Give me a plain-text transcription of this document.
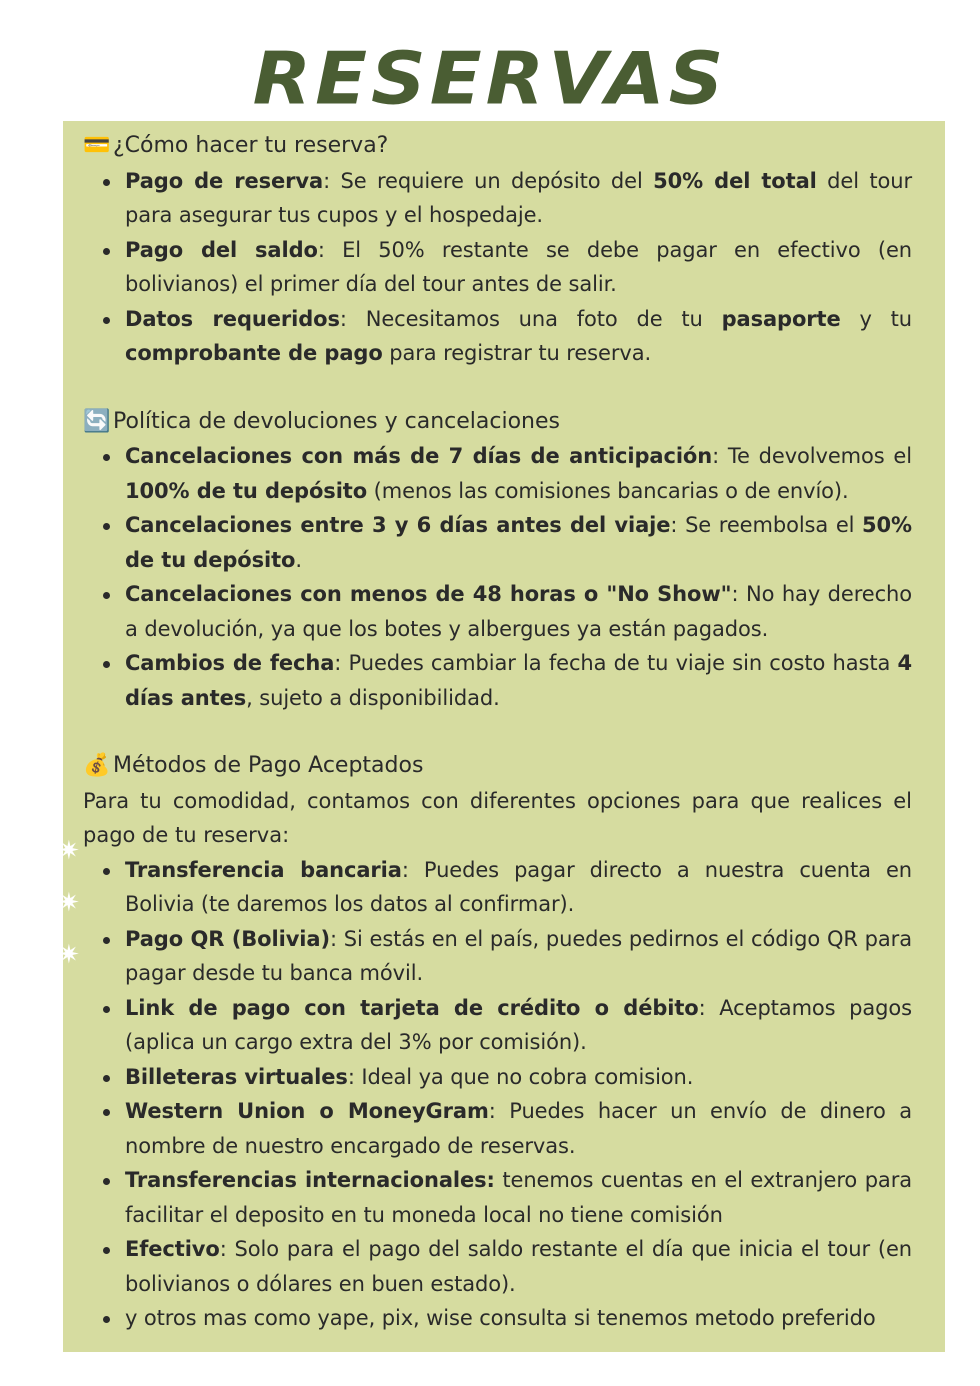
RESERVAS
💳 ¿Cómo hacer tu reserva?
Pago de reserva: Se requiere un depósito del 50% del total del tour para asegurar tus cupos y el hospedaje.
Pago del saldo: El 50% restante se debe pagar en efectivo (en bolivianos) el primer día del tour antes de salir.
Datos requeridos: Necesitamos una foto de tu pasaporte y tu comprobante de pago para registrar tu reserva.
🔄 Política de devoluciones y cancelaciones
Cancelaciones con más de 7 días de anticipación: Te devolvemos el 100% de tu depósito (menos las comisiones bancarias o de envío).
Cancelaciones entre 3 y 6 días antes del viaje: Se reembolsa el 50% de tu depósito.
Cancelaciones con menos de 48 horas o "No Show": No hay derecho a devolución, ya que los botes y albergues ya están pagados.
Cambios de fecha: Puedes cambiar la fecha de tu viaje sin costo hasta 4 días antes, sujeto a disponibilidad.
💰 Métodos de Pago Aceptados

Para tu comodidad, contamos con diferentes opciones para que realices el pago de tu reserva:

Transferencia bancaria: Puedes pagar directo a nuestra cuenta en Bolivia (te daremos los datos al confirmar).
Pago QR (Bolivia): Si estás en el país, puedes pedirnos el código QR para pagar desde tu banca móvil.
Link de pago con tarjeta de crédito o débito: Aceptamos pagos (aplica un cargo extra del 3% por comisión).
Billeteras virtuales: Ideal ya que no cobra comision.
Western Union o MoneyGram: Puedes hacer un envío de dinero a nombre de nuestro encargado de reservas.
Transferencias internacionales: tenemos cuentas en el extranjero para facilitar el deposito en tu moneda local no tiene comisión
Efectivo: Solo para el pago del saldo restante el día que inicia el tour (en bolivianos o dólares en buen estado).
y otros mas como yape, pix, wise consulta si tenemos metodo preferido
✷
✷
✷
